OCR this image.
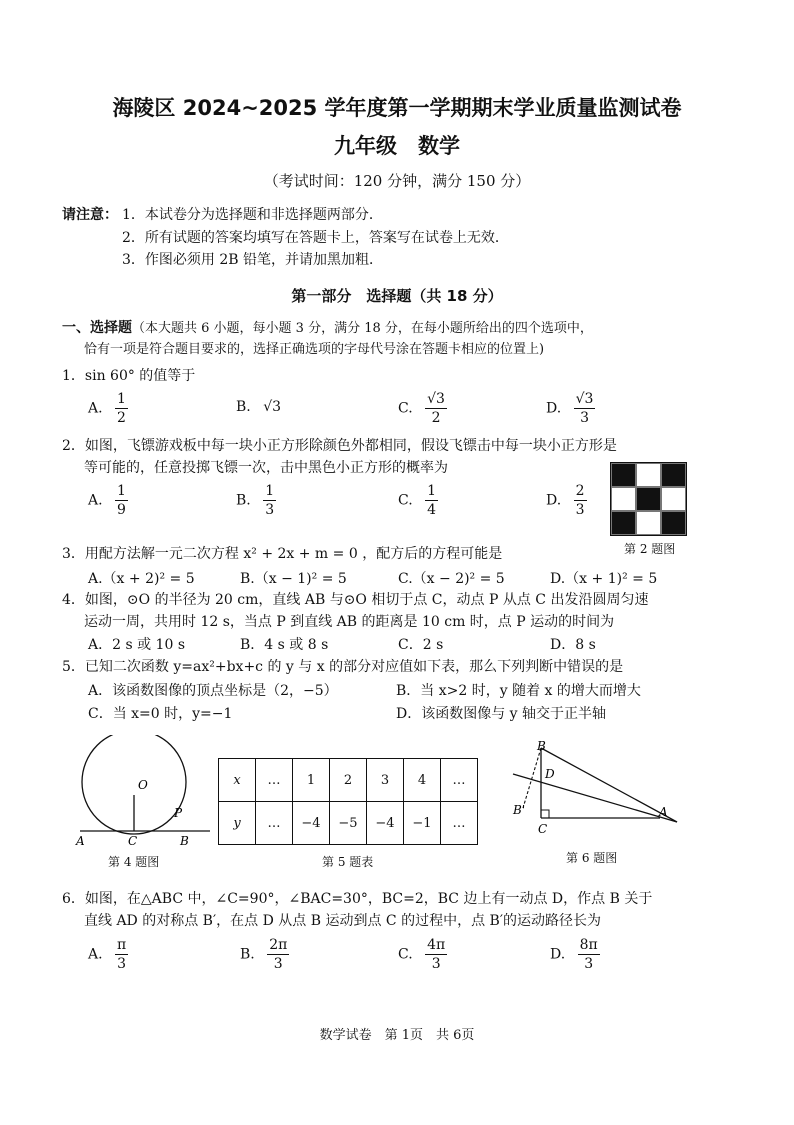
海陵区 2024~2025 学年度第一学期期末学业质量监测试卷
九年级　数学
（考试时间：120 分钟，满分 150 分）
请注意： 1．本试卷分为选择题和非选择题两部分．
2．所有试题的答案均填写在答题卡上，答案写在试卷上无效．
3．作图必须用 2B 铅笔，并请加黑加粗．
第一部分　选择题（共 18 分）
一、选择题（本大题共 6 小题，每小题 3 分，满分 18 分，在每小题所给出的四个选项中，
恰有一项是符合题目要求的，选择正确选项的字母代号涂在答题卡相应的位置上)
1．sin 60° 的值等于
A. $\frac{1}{2}$	B. √3	C. $\frac{√3}{2}$	D. $\frac{√3}{3}$
2．如图，飞镖游戏板中每一块小正方形除颜色外都相同，假设飞镖击中每一块小正方形是
等可能的，任意投掷飞镖一次，击中黑色小正方形的概率为
A. $\frac{1}{9}$	B. $\frac{1}{3}$	C. $\frac{1}{4}$	D. $\frac{2}{3}$
第 2 题图
3．用配方法解一元二次方程 x² + 2x + m = 0 ，配方后的方程可能是
A.（x + 2)² = 5	B.（x − 1)² = 5	C.（x − 2)² = 5	D.（x + 1)² = 5
4．如图，⊙O 的半径为 20 cm，直线 AB 与⊙O 相切于点 C，动点 P 从点 C 出发沿圆周匀速
运动一周，共用时 12 s，当点 P 到直线 AB 的距离是 10 cm 时，点 P 运动的时间为
A．2 s 或 10 s	B．4 s 或 8 s	C．2 s	D．8 s
5．已知二次函数 y=ax²+bx+c 的 y 与 x 的部分对应值如下表，那么下列判断中错误的是
A．该函数图像的顶点坐标是（2，−5）	B．当 x>2 时，y 随着 x 的增大而增大
C．当 x=0 时，y=−1	D．该函数图像与 y 轴交于正半轴
O
P
A	C	B
第 4 题图
x	…	1	2	3	4	…
y	…	−4	−5	−4	−1	…
第 5 题表
B
D
B'
C
A
第 6 题图
6．如图，在△ABC 中，∠C=90°，∠BAC=30°，BC=2，BC 边上有一动点 D，作点 B 关于
直线 AD 的对称点 B′，在点 D 从点 B 运动到点 C 的过程中，点 B′的运动路径长为
A. $\frac{\pi}{3}$	B. $\frac{2\pi}{3}$	C. $\frac{4\pi}{3}$	D. $\frac{8\pi}{3}$
数学试卷　第 1页　共 6页
